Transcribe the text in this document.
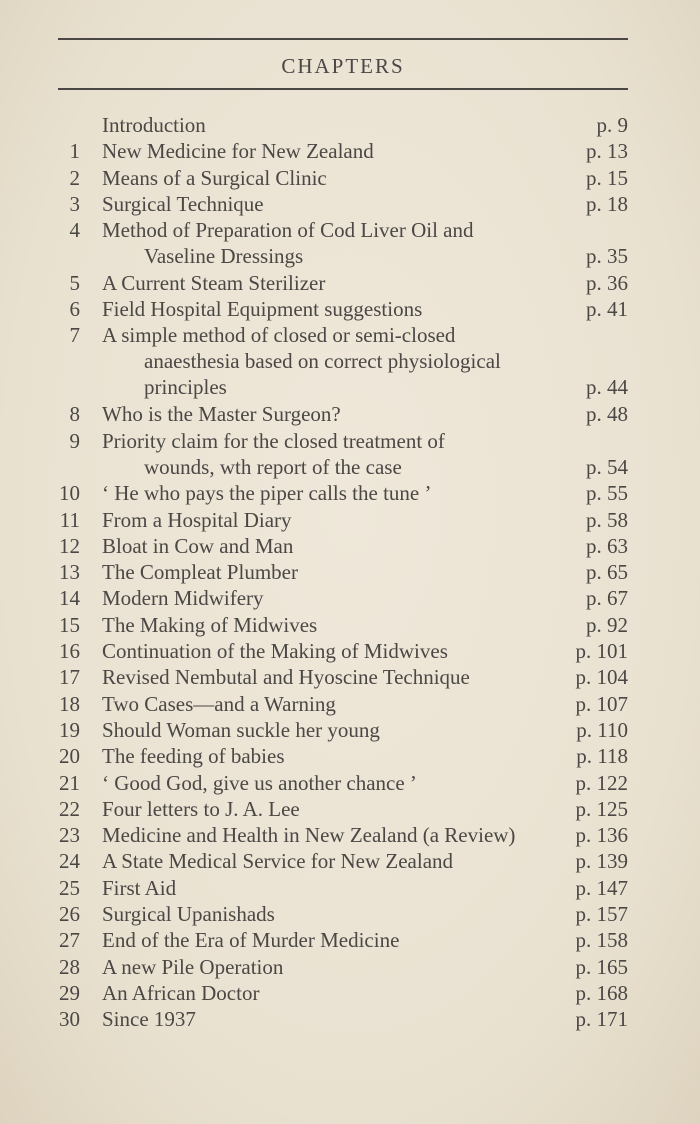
CHAPTERS
Introduction	p. 9
1 New Medicine for New Zealand	p. 13
2 Means of a Surgical Clinic	p. 15
3 Surgical Technique	p. 18
4 Method of Preparation of Cod Liver Oil and
Vaseline Dressings	p. 35
5 A Current Steam Sterilizer	p. 36
6 Field Hospital Equipment suggestions	p. 41
7 A simple method of closed or semi-closed
anaesthesia based on correct physiological
principles	p. 44
8 Who is the Master Surgeon?	p. 48
9 Priority claim for the closed treatment of
wounds, wth report of the case	p. 54
10 ‘ He who pays the piper calls the tune ’	p. 55
11 From a Hospital Diary	p. 58
12 Bloat in Cow and Man	p. 63
13 The Compleat Plumber	p. 65
14 Modern Midwifery	p. 67
15 The Making of Midwives	p. 92
16 Continuation of the Making of Midwives	p. 101
17 Revised Nembutal and Hyoscine Technique	p. 104
18 Two Cases—and a Warning	p. 107
19 Should Woman suckle her young	p. 110
20 The feeding of babies	p. 118
21 ‘ Good God, give us another chance ’	p. 122
22 Four letters to J. A. Lee	p. 125
23 Medicine and Health in New Zealand (a Review)	p. 136
24 A State Medical Service for New Zealand	p. 139
25 First Aid	p. 147
26 Surgical Upanishads	p. 157
27 End of the Era of Murder Medicine	p. 158
28 A new Pile Operation	p. 165
29 An African Doctor	p. 168
30 Since 1937	p. 171
